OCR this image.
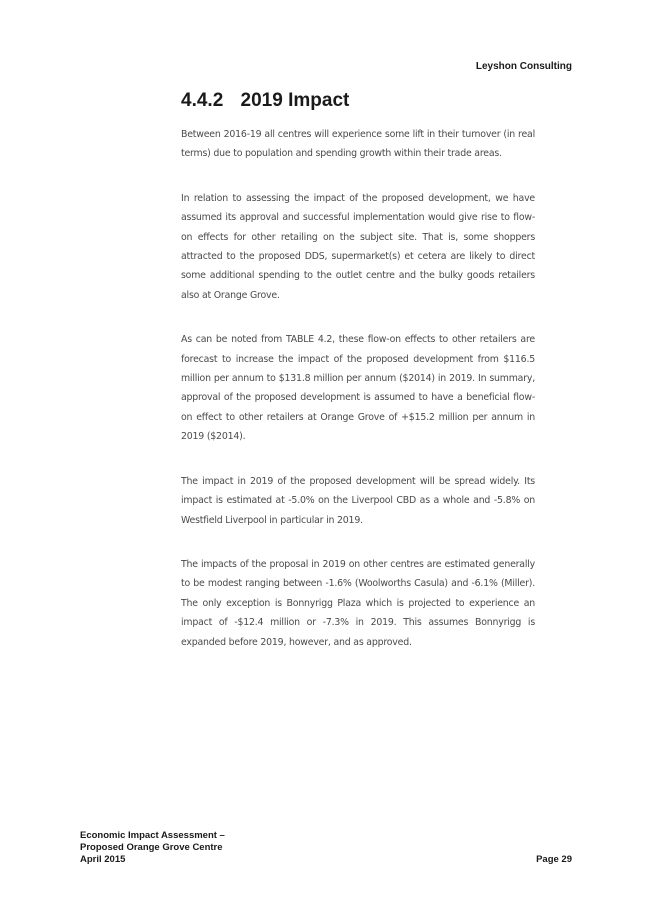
Leyshon Consulting
4.4.2 2019 Impact

Between 2016-19 all centres will experience some lift in their turnover (in real terms) due to population and spending growth within their trade areas.

In relation to assessing the impact of the proposed development, we have assumed its approval and successful implementation would give rise to flow-on effects for other retailing on the subject site. That is, some shoppers attracted to the proposed DDS, supermarket(s) et cetera are likely to direct some additional spending to the outlet centre and the bulky goods retailers also at Orange Grove.

As can be noted from TABLE 4.2, these flow-on effects to other retailers are forecast to increase the impact of the proposed development from $116.5 million per annum to $131.8 million per annum ($2014) in 2019. In summary, approval of the proposed development is assumed to have a beneficial flow-on effect to other retailers at Orange Grove of +$15.2 million per annum in 2019 ($2014).

The impact in 2019 of the proposed development will be spread widely. Its impact is estimated at -5.0% on the Liverpool CBD as a whole and -5.8% on Westfield Liverpool in particular in 2019.

The impacts of the proposal in 2019 on other centres are estimated generally to be modest ranging between -1.6% (Woolworths Casula) and -6.1% (Miller). The only exception is Bonnyrigg Plaza which is projected to experience an impact of -$12.4 million or -7.3% in 2019. This assumes Bonnyrigg is expanded before 2019, however, and as approved.

Economic Impact Assessment –
Proposed Orange Grove Centre
April 2015	Page 29
